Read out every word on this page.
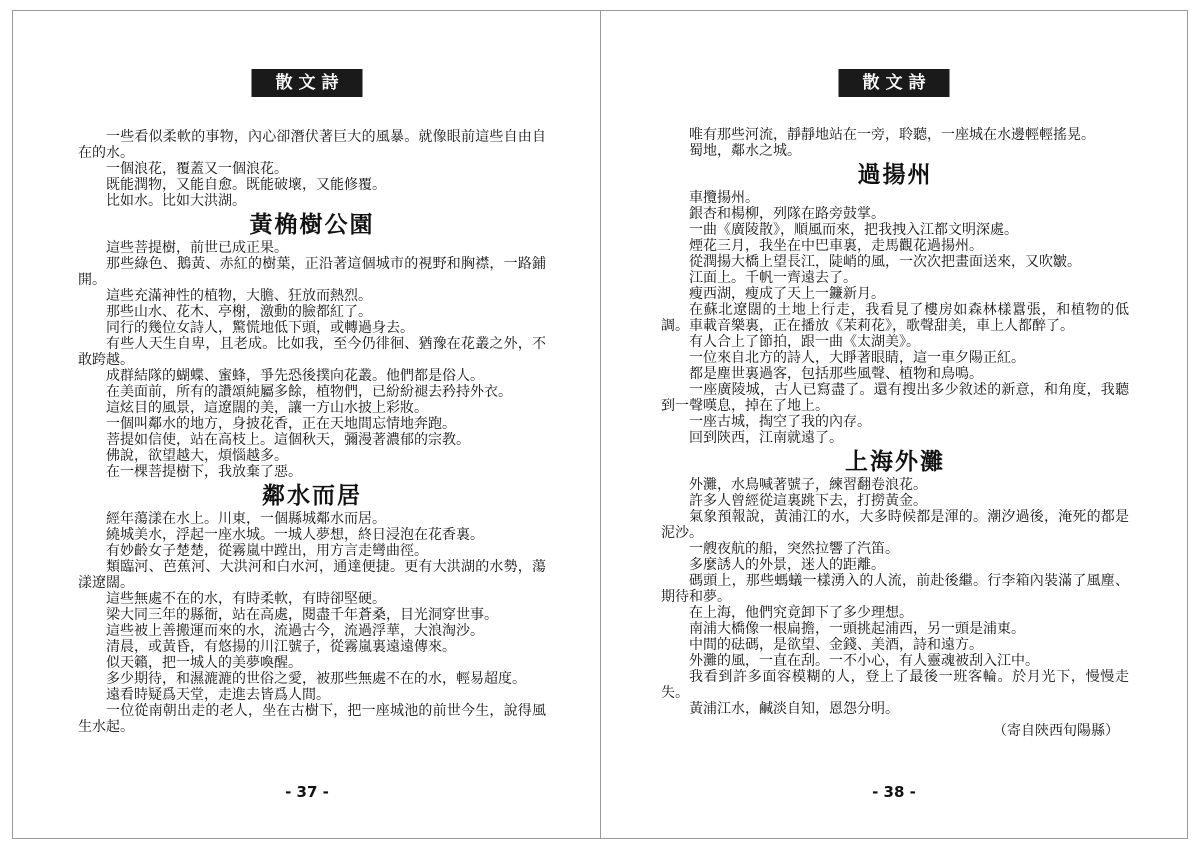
散文詩

一些看似柔軟的事物，內心卻潛伏著巨大的風暴。就像眼前這些自由自在的水。

一個浪花，覆蓋又一個浪花。

既能潤物，又能自愈。既能破壞，又能修覆。

比如水。比如大洪湖。

黃桷樹公園

這些菩提樹，前世已成正果。

那些綠色、鵝黃、赤紅的樹葉，正沿著這個城市的視野和胸襟，一路鋪開。

這些充滿神性的植物，大膽、狂放而熱烈。

那些山水、花木、亭榭，激動的臉都紅了。

同行的幾位女詩人，驚慌地低下頭，或轉過身去。

有些人天生自卑，且老成。比如我，至今仍徘徊、猶豫在花叢之外，不敢跨越。

成群結隊的蝴蝶、蜜蜂，爭先恐後撲向花叢。他們都是俗人。

在美面前，所有的讚頌純屬多餘，植物們，已紛紛褪去矜持外衣。

這炫目的風景，這遼闊的美，讓一方山水披上彩妝。

一個叫鄰水的地方，身披花香，正在天地間忘情地奔跑。

菩提如信使，站在高枝上。這個秋天，彌漫著濃郁的宗教。

佛說，欲望越大，煩惱越多。

在一棵菩提樹下，我放棄了惡。

鄰水而居

經年蕩漾在水上。川東，一個縣城鄰水而居。

繞城美水，浮起一座水城。一城人夢想，終日浸泡在花香裏。

有妙齡女子楚楚，從霧嵐中蹚出，用方言走彎曲徑。

類臨河、芭蕉河、大洪河和白水河，通達便捷。更有大洪湖的水勢，蕩漾遼闊。

這些無處不在的水，有時柔軟，有時卻堅硬。

梁大同三年的縣衙，站在高處，閱盡千年蒼桑，目光洞穿世事。

這些被上善搬運而來的水，流過古今，流過浮華，大浪淘沙。

清晨，或黃昏，有悠揚的川江號子，從霧嵐裏遠遠傳來。

似天籟，把一城人的美夢喚醒。

多少期待，和濕漉漉的世俗之愛，被那些無處不在的水，輕易超度。

遠看時疑爲天堂，走進去皆爲人間。

一位從南朝出走的老人，坐在古樹下，把一座城池的前世今生，說得風生水起。

- 37 -
散文詩

唯有那些河流，靜靜地站在一旁，聆聽，一座城在水邊輕輕搖晃。

蜀地，鄰水之城。

過揚州

車攬揚州。

銀杏和楊柳，列隊在路旁鼓掌。

一曲《廣陵散》，順風而來，把我拽入江都文明深處。

煙花三月，我坐在中巴車裏，走馬觀花過揚州。

從潤揚大橋上望長江，陡峭的風，一次次把畫面送來，又吹皺。

江面上。千帆一齊遠去了。

瘦西湖，瘦成了天上一鐮新月。

在蘇北遼闊的土地上行走，我看見了樓房如森林樣囂張，和植物的低調。車載音樂裏，正在播放《茉莉花》，歌聲甜美，車上人都醉了。

有人合上了節拍，跟一曲《太湖美》。

一位來自北方的詩人，大睜著眼睛，這一車夕陽正紅。

都是塵世裏過客，包括那些風聲、植物和鳥鳴。

一座廣陵城，古人已寫盡了。還有搜出多少敘述的新意，和角度，我聽到一聲嘆息，掉在了地上。

一座古城，掏空了我的內存。

回到陝西，江南就遠了。

上海外灘

外灘，水鳥喊著號子，練習翻卷浪花。

許多人曾經從這裏跳下去，打撈黃金。

氣象預報說，黃浦江的水，大多時候都是渾的。潮汐過後，淹死的都是泥沙。

一艘夜航的船，突然拉響了汽笛。

多麼誘人的外景，迷人的距離。

碼頭上，那些螞蟻一樣湧入的人流，前赴後繼。行李箱內裝滿了風塵、期待和夢。

在上海，他們究竟卸下了多少理想。

南浦大橋像一根扁擔，一頭挑起浦西，另一頭是浦東。

中間的砝碼，是欲望、金錢、美酒，詩和遠方。

外灘的風，一直在刮。一不小心，有人靈魂被刮入江中。

我看到許多面容模糊的人，登上了最後一班客輪。於月光下，慢慢走失。

黃浦江水，鹹淡自知，恩怨分明。

（寄自陝西旬陽縣）

- 38 -
